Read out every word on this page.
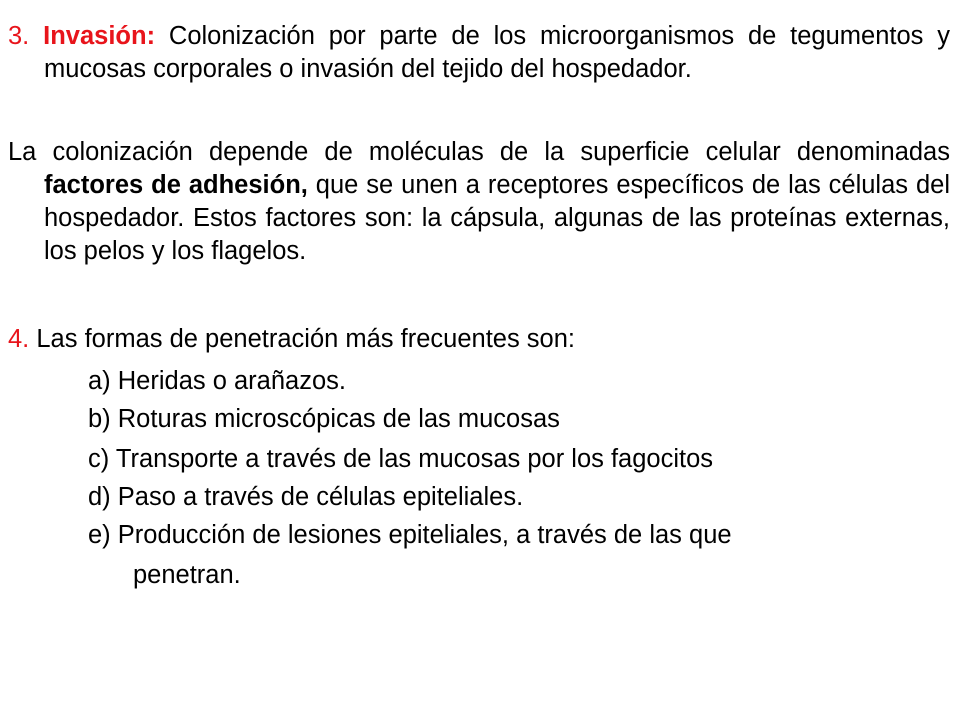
3. Invasión: Colonización por parte de los microorganismos de tegumentos y mucosas corporales o invasión del tejido del hospedador.

La colonización depende de moléculas de la superficie celular denominadas factores de adhesión, que se unen a receptores específicos de las células del hospedador. Estos factores son: la cápsula, algunas de las proteínas externas, los pelos y los flagelos.

4. Las formas de penetración más frecuentes son:

a) Heridas o arañazos.

b) Roturas microscópicas de las mucosas

c) Transporte a través de las mucosas por los fagocitos

d) Paso a través de células epiteliales.

e) Producción de lesiones epiteliales, a través de las que

penetran.
